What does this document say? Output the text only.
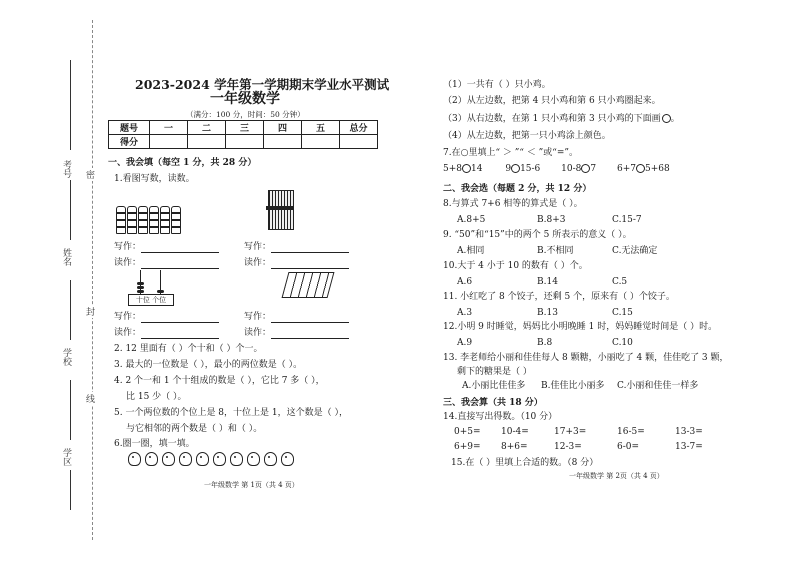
考号
姓名
学校
学区
密
封
线
2023-2024 学年第一学期期末学业水平测试
一年级数学
（满分：100 分，时间：50 分钟）
题号	一	二	三	四	五	总分
得分						
一、我会填（每空 1 分，共 28 分）
1.看图写数，读数。
写作：
读作：
写作：
读作：
十位 个位
写作：
读作：
写作：
读作：
2. 12 里面有（ ）个十和（ ）个一。
3. 最大的一位数是（ ），最小的两位数是（ ）。
4. 2 个一和 1 个十组成的数是（ ），它比 7 多（ ），
比 15 少（ ）。
5. 一个两位数的个位上是 8，十位上是 1，这个数是（ ），
与它相邻的两个数是（ ）和（ ）。
6.圈一圈，填一填。
一年级数学 第 1页（共 4 页）
（1）一共有（ ）只小鸡。
（2）从左边数，把第 4 只小鸡和第 6 只小鸡圈起来。
（3）从右边数，在第 1 只小鸡和第 3 只小鸡的下面画○。
（4）从左边数，把第一只小鸡涂上颜色。
7.在○里填上“ ＞ ”“ ＜ ”或“=”。
5+8 14	9 15-6 10-8 7 6+7 5+68
二、我会选（每题 2 分，共 12 分）
8.与算式 7+6 相等的算式是（ ）。
A.8+5	B.8+3	C.15-7
9. “50”和“15”中的两个 5 所表示的意义（ ）。
A.相同	B.不相同	C.无法确定
10.大于 4 小于 10 的数有（ ）个。
A.6	B.14	C.5
11. 小红吃了 8 个饺子，还剩 5 个，原来有（ ）个饺子。
A.3	B.13	C.15
12.小明 9 时睡觉，妈妈比小明晚睡 1 时，妈妈睡觉时间是（ ）时。
A.9	B.8	C.10
13. 李老师给小丽和佳佳每人 8 颗糖，小丽吃了 4 颗，佳佳吃了 3 颗，
剩下的糖果是（ ）
A.小丽比佳佳多 B.佳佳比小丽多 C.小丽和佳佳一样多
三、我会算（共 18 分）
14.直接写出得数。（10 分）
0+5= 10-4=	17+3=	16-5=	13-3=
6+9= 8+6=	12-3=	6-0=	13-7=
15.在（ ）里填上合适的数。（8 分）
一年级数学 第 2页（共 4 页）
